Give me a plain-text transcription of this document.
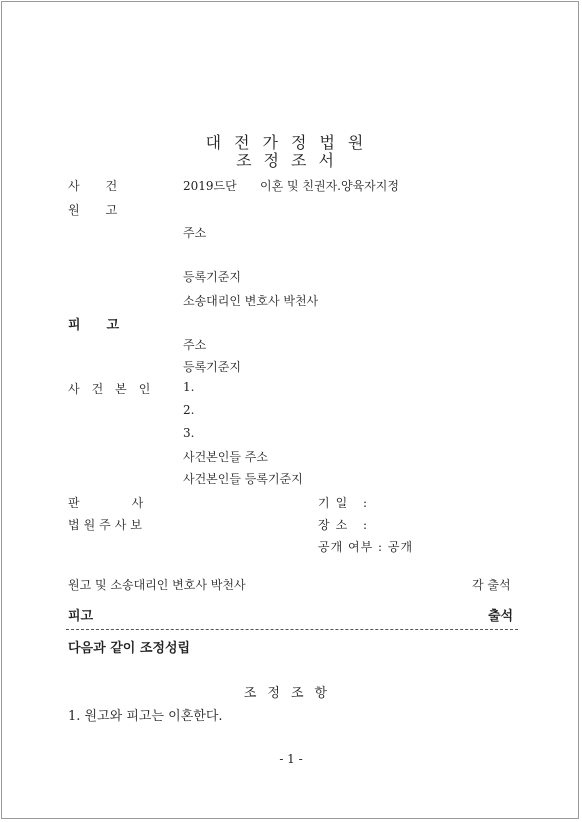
대전가정법원
조정조서
사건	2019드단 이혼 및 친권자.양육자지정
원고
주소
등록기준지
소송대리인 변호사 박천사
피고
주소
등록기준지
사건본인 1.
2.
3.
사건본인들 주소
사건본인들 등록기준지
판사
법원주사보
기일 :
장소 :
공개 여부 : 공개
원고 및 소송대리인 변호사 박천사	각 출석
피고	출석
다음과 같이 조정성립
조정조항
1. 원고와 피고는 이혼한다.
- 1 -
